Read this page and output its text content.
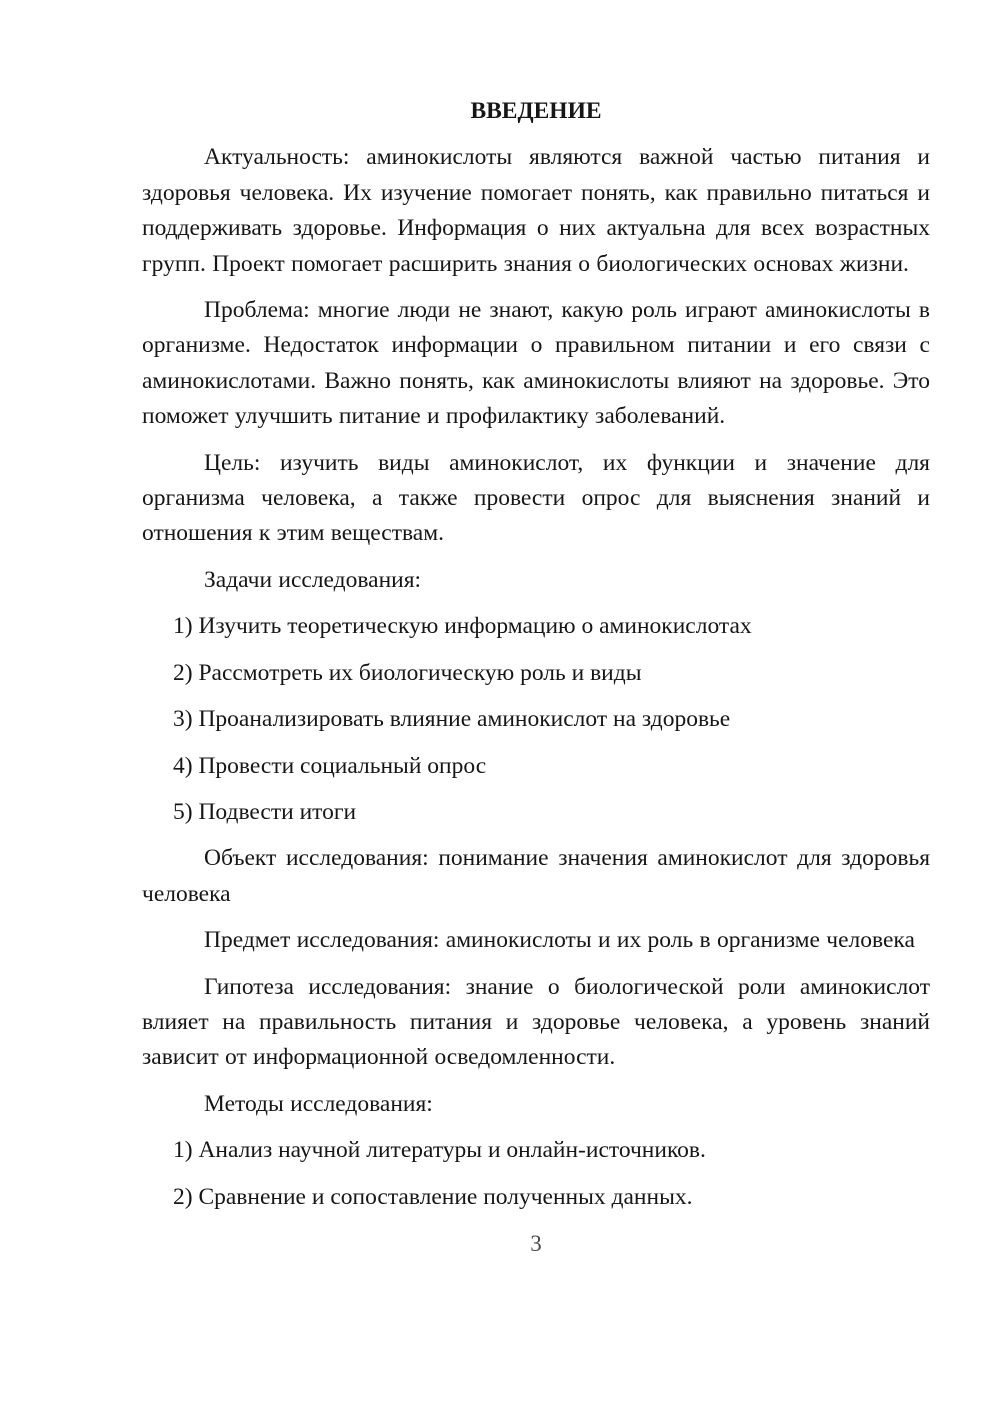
ВВЕДЕНИЕ

Актуальность: аминокислоты являются важной частью питания и здоровья человека. Их изучение помогает понять, как правильно питаться и поддерживать здоровье. Информация о них актуальна для всех возрастных групп. Проект помогает расширить знания о биологических основах жизни.

Проблема: многие люди не знают, какую роль играют аминокислоты в организме. Недостаток информации о правильном питании и его связи с аминокислотами. Важно понять, как аминокислоты влияют на здоровье. Это поможет улучшить питание и профилактику заболеваний.

Цель: изучить виды аминокислот, их функции и значение для организма человека, а также провести опрос для выяснения знаний и отношения к этим веществам.

Задачи исследования:

1) Изучить теоретическую информацию о аминокислотах

2) Рассмотреть их биологическую роль и виды

3) Проанализировать влияние аминокислот на здоровье

4) Провести социальный опрос

5) Подвести итоги

Объект исследования: понимание значения аминокислот для здоровья человека

Предмет исследования: аминокислоты и их роль в организме человека

Гипотеза исследования: знание о биологической роли аминокислот влияет на правильность питания и здоровье человека, а уровень знаний зависит от информационной осведомленности.

Методы исследования:

1) Анализ научной литературы и онлайн-источников.

2) Сравнение и сопоставление полученных данных.

3
